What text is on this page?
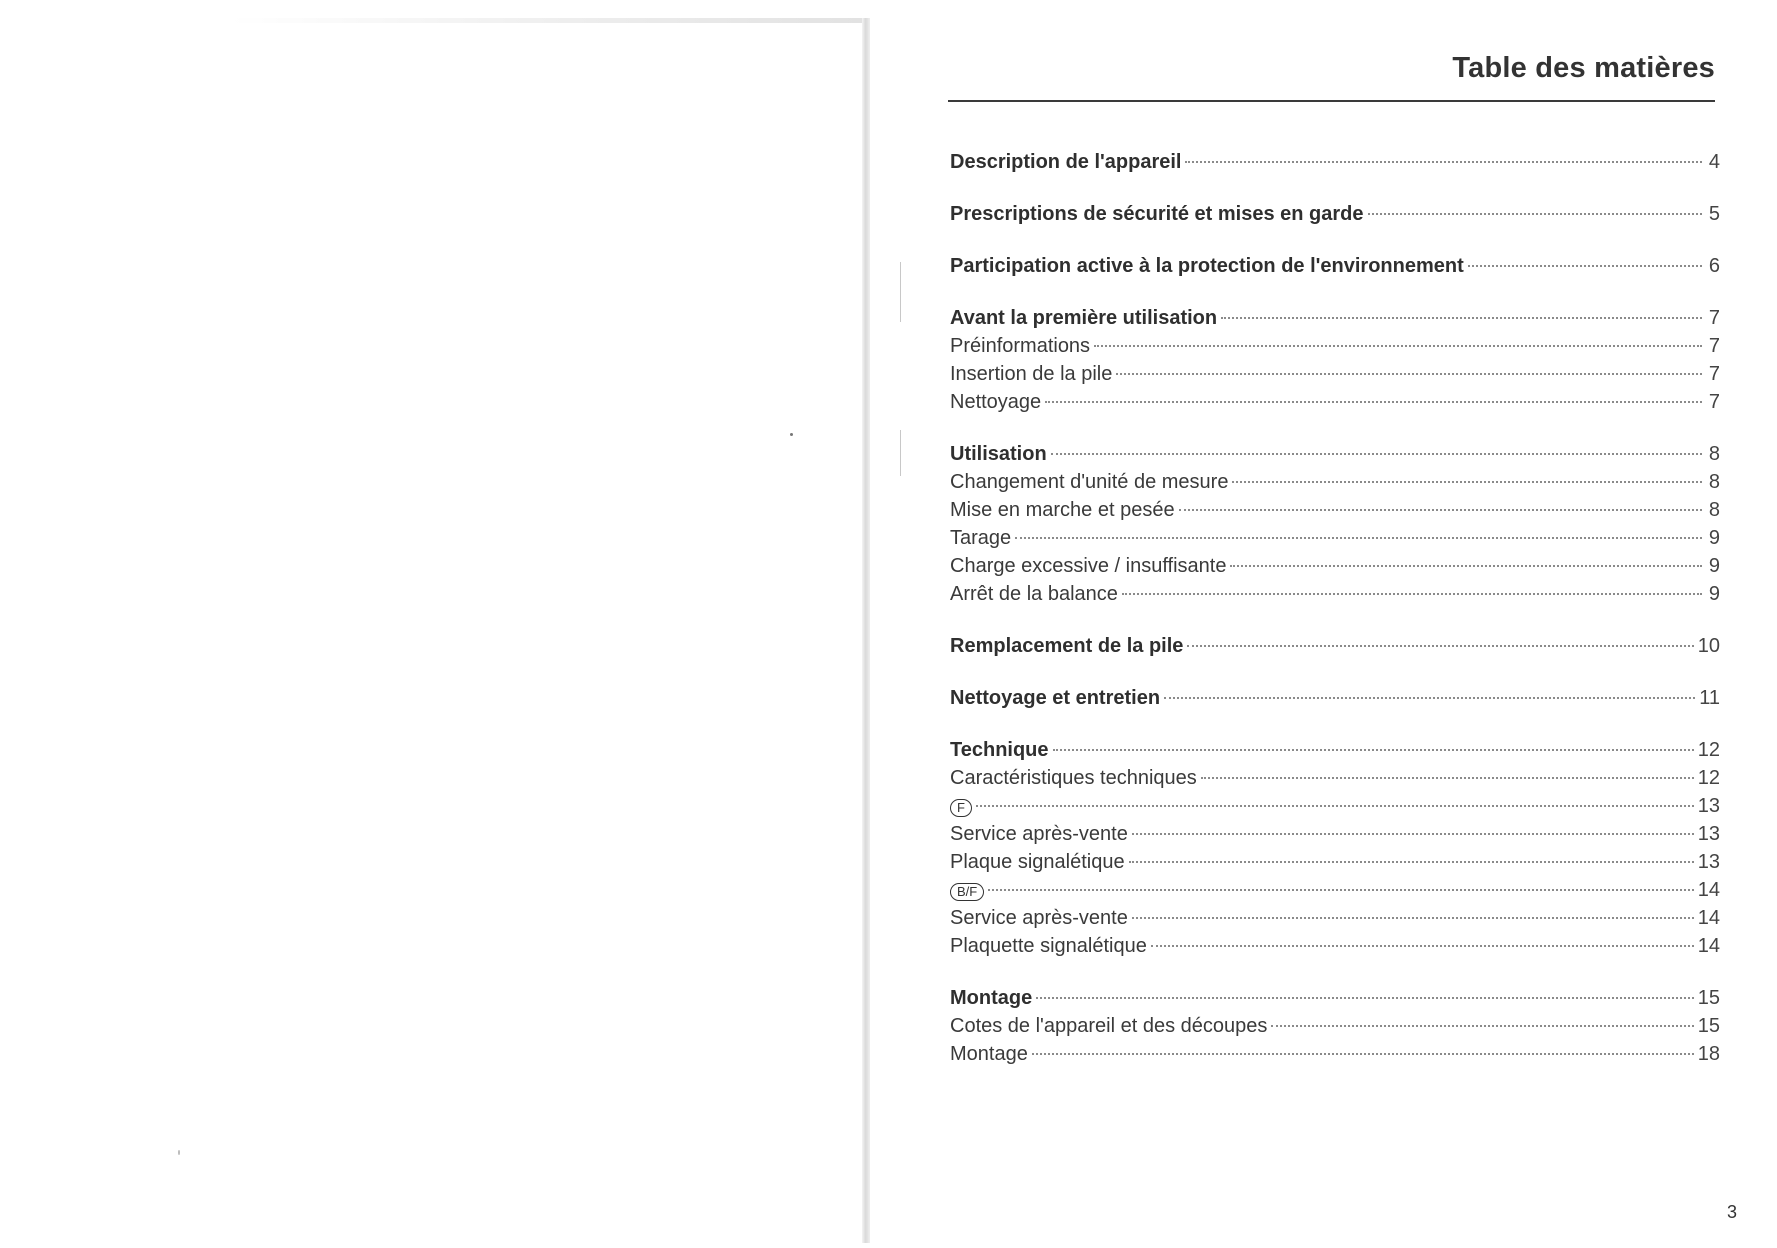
Table des matières
Description de l'appareil	4
Prescriptions de sécurité et mises en garde	5
Participation active à la protection de l'environnement	6
Avant la première utilisation	7
Préinformations	7
Insertion de la pile	7
Nettoyage	7
Utilisation	8
Changement d'unité de mesure	8
Mise en marche et pesée	8
Tarage	9
Charge excessive / insuffisante	9
Arrêt de la balance	9
Remplacement de la pile	10
Nettoyage et entretien	11
Technique	12
Caractéristiques techniques	12
F	13
Service après-vente	13
Plaque signalétique	13
B/F	14
Service après-vente	14
Plaquette signalétique	14
Montage	15
Cotes de l'appareil et des découpes	15
Montage	18
3
